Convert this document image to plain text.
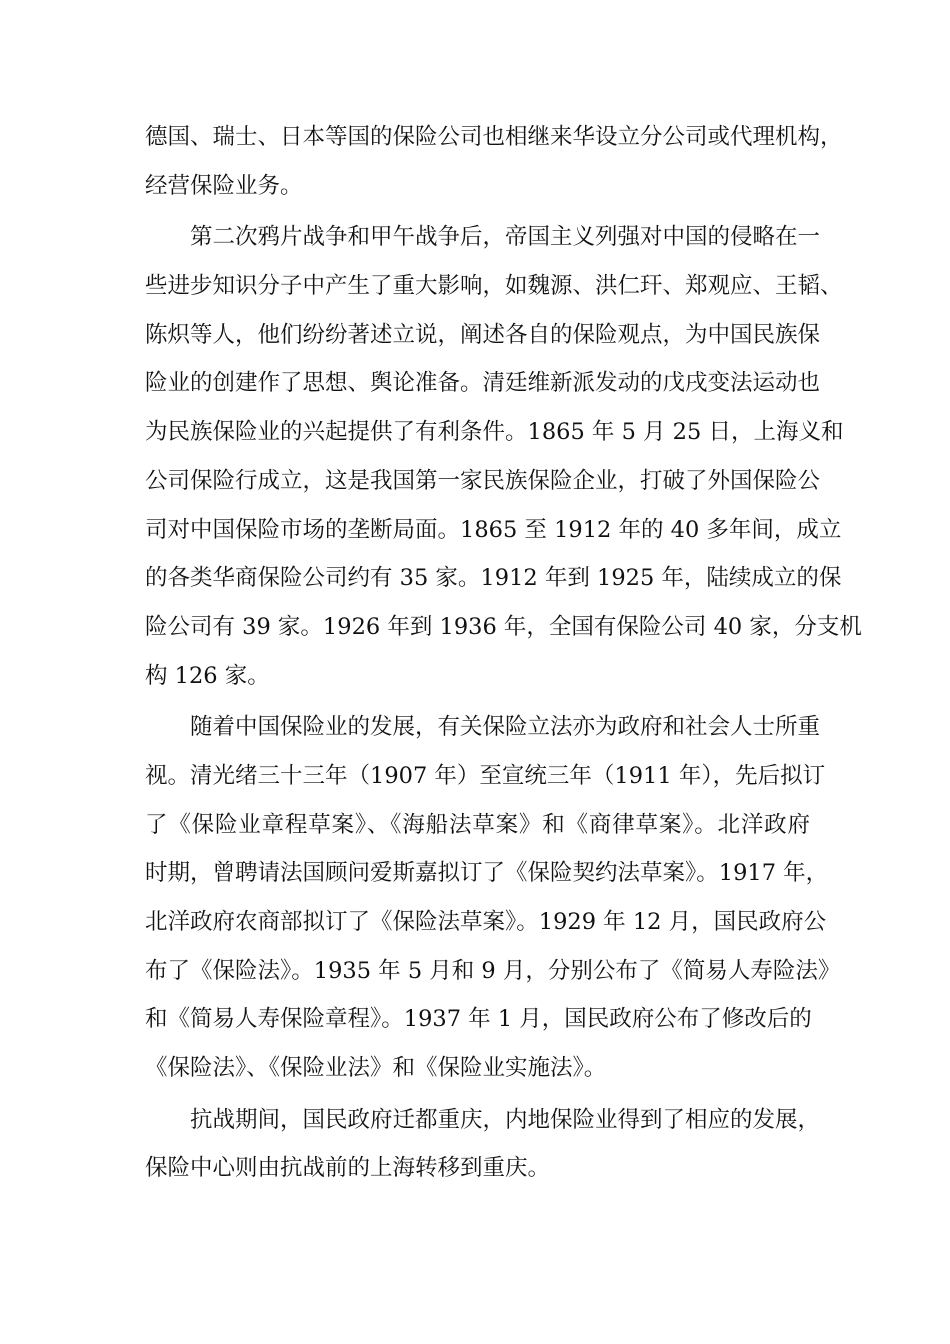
德国、瑞士、日本等国的保险公司也相继来华设立分公司或代理机构，
经营保险业务。
第二次鸦片战争和甲午战争后，帝国主义列强对中国的侵略在一
些进步知识分子中产生了重大影响，如魏源、洪仁玕、郑观应、王韬、
陈炽等人，他们纷纷著述立说，阐述各自的保险观点，为中国民族保
险业的创建作了思想、舆论准备。清廷维新派发动的戊戌变法运动也
为民族保险业的兴起提供了有利条件。1865 年 5 月 25 日，上海义和
公司保险行成立，这是我国第一家民族保险企业，打破了外国保险公
司对中国保险市场的垄断局面。1865 至 1912 年的 40 多年间，成立
的各类华商保险公司约有 35 家。1912 年到 1925 年，陆续成立的保
险公司有 39 家。1926 年到 1936 年，全国有保险公司 40 家，分支机
构 126 家。
随着中国保险业的发展，有关保险立法亦为政府和社会人士所重
视。清光绪三十三年（1907 年）至宣统三年（1911 年），先后拟订
了《保险业章程草案》、《海船法草案》和《商律草案》。北洋政府
时期，曾聘请法国顾问爱斯嘉拟订了《保险契约法草案》。1917 年，
北洋政府农商部拟订了《保险法草案》。1929 年 12 月，国民政府公
布了《保险法》。1935 年 5 月和 9 月，分别公布了《简易人寿险法》
和《简易人寿保险章程》。1937 年 1 月，国民政府公布了修改后的
《保险法》、《保险业法》和《保险业实施法》。
抗战期间，国民政府迁都重庆，内地保险业得到了相应的发展，
保险中心则由抗战前的上海转移到重庆。
